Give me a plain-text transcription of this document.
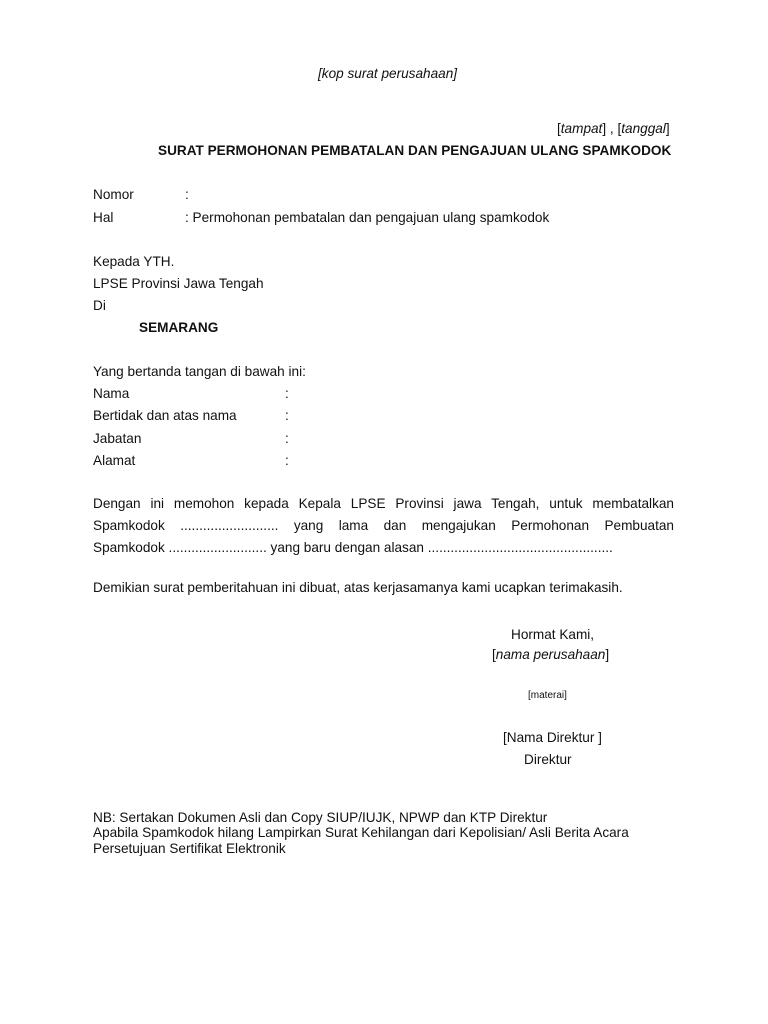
[kop surat perusahaan]
[tampat] , [tanggal]
SURAT PERMOHONAN PEMBATALAN DAN PENGAJUAN ULANG SPAMKODOK
Nomor	:
Hal	: Permohonan pembatalan dan pengajuan ulang spamkodok
Kepada YTH.
LPSE Provinsi Jawa Tengah
Di
SEMARANG
Yang bertanda tangan di bawah ini:
Nama	:
Bertidak dan atas nama	:
Jabatan	:
Alamat	:
Dengan ini memohon kepada Kepala LPSE Provinsi jawa Tengah, untuk membatalkan
Spamkodok .......................... yang lama dan mengajukan Permohonan Pembuatan
Spamkodok .......................... yang baru dengan alasan .................................................
Demikian surat pemberitahuan ini dibuat, atas kerjasamanya kami ucapkan terimakasih.
Hormat Kami,
[nama perusahaan]
[materai]
[Nama Direktur ]
Direktur
NB: Sertakan Dokumen Asli dan Copy SIUP/IUJK, NPWP dan KTP Direktur
Apabila Spamkodok hilang Lampirkan Surat Kehilangan dari Kepolisian/ Asli Berita Acara
Persetujuan Sertifikat Elektronik
